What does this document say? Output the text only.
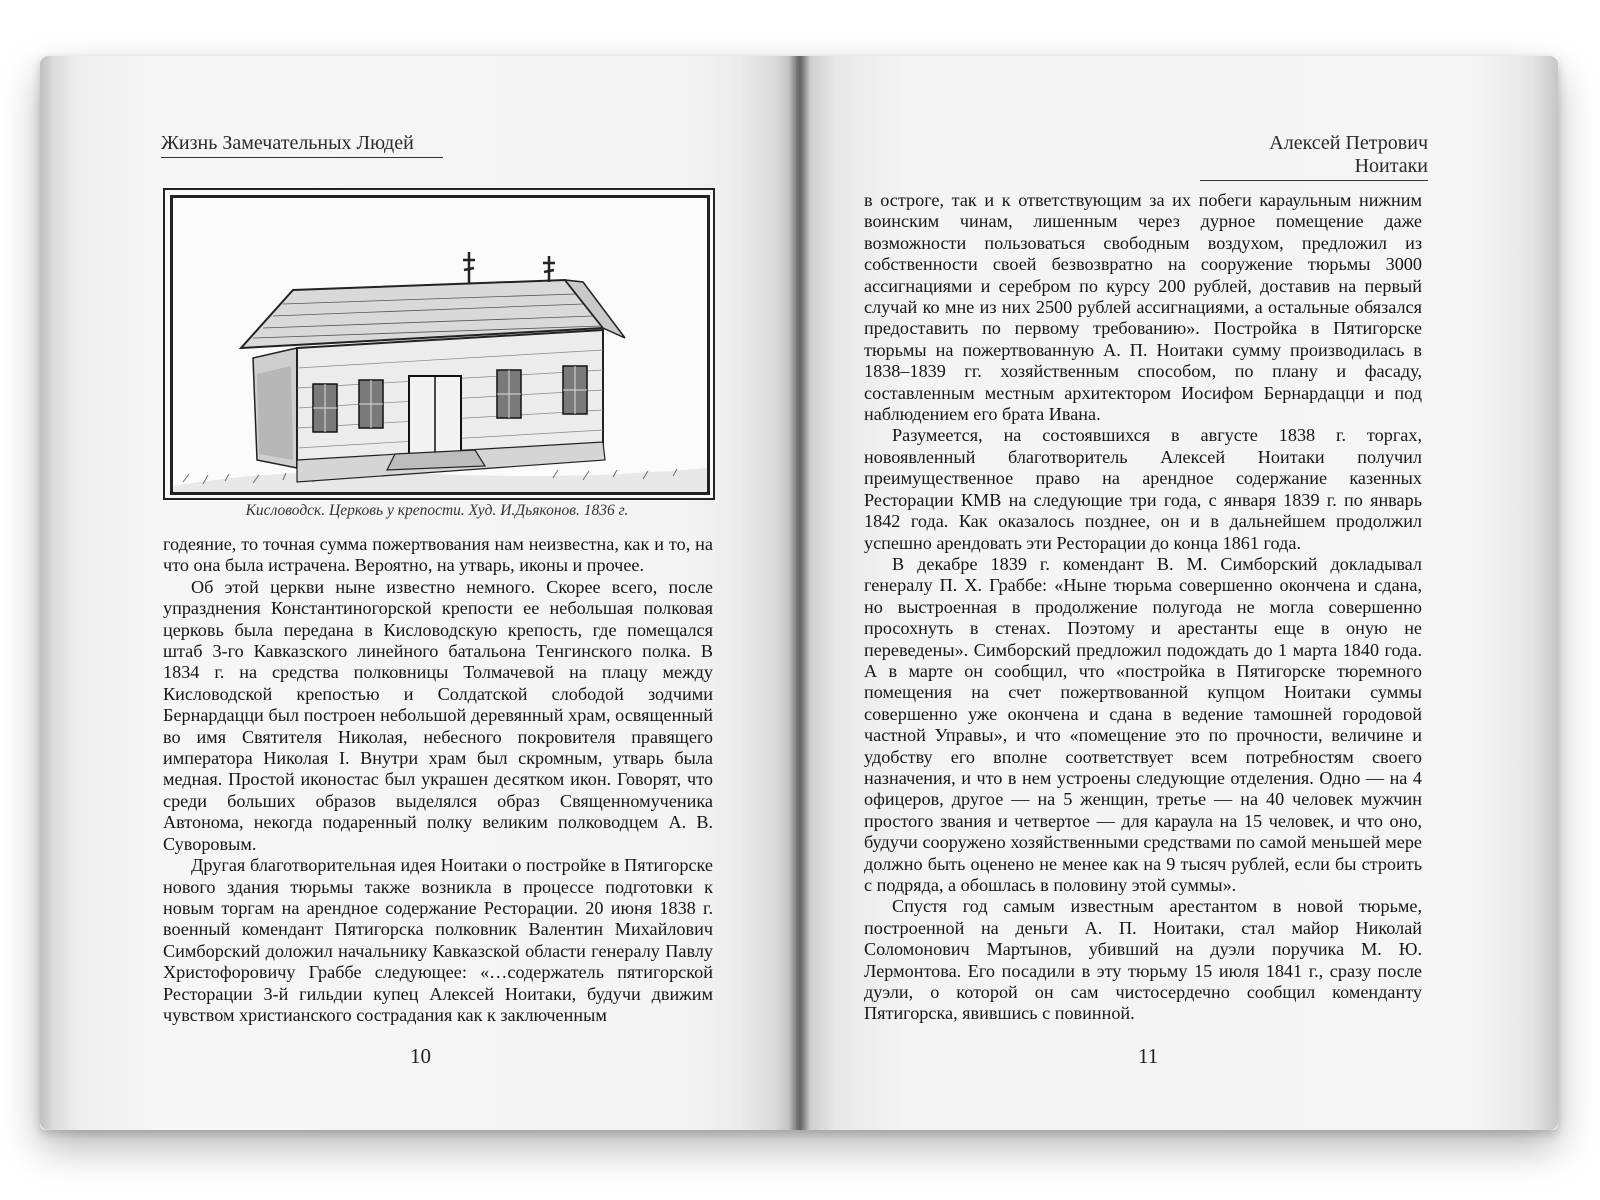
Жизнь Замечательных Людей
Кисловодск. Церковь у крепости. Худ. И.Дьяконов. 1836 г.

годеяние, то точная сумма пожертвования нам неизвестна, как и то, на что она была истрачена. Вероятно, на утварь, иконы и прочее.

Об этой церкви ныне известно немного. Скорее всего, после упразднения Константиногорской крепости ее небольшая полковая церковь была передана в Кисловодскую крепость, где помещался штаб 3-го Кавказского линейного батальона Тенгинского полка. В 1834 г. на средства полковницы Толмачевой на плацу между Кисловодской крепостью и Солдатской слободой зодчими Бернардацци был построен небольшой деревянный храм, освященный во имя Святителя Николая, небесного покровителя правящего императора Николая I. Внутри храм был скромным, утварь была медная. Простой иконостас был украшен десятком икон. Говорят, что среди больших образов выделялся образ Священномученика Автонома, некогда подаренный полку великим полководцем А. В. Суворовым.

Другая благотворительная идея Ноитаки о постройке в Пятигорске нового здания тюрьмы также возникла в процессе подготовки к новым торгам на арендное содержание Ресторации. 20 июня 1838 г. военный комендант Пятигорска полковник Валентин Михайлович Симборский доложил начальнику Кавказской области генералу Павлу Христофоровичу Граббе следующее: «…содержатель пятигорской Ресторации 3-й гильдии купец Алексей Ноитаки, будучи движим чувством христианского сострадания как к заключенным

10
Алексей Петрович Ноитаки

в остроге, так и к ответствующим за их побеги караульным нижним воинским чинам, лишенным через дурное помещение даже возможности пользоваться свободным воздухом, предложил из собственности своей безвозвратно на сооружение тюрьмы 3000 ассигнациями и серебром по курсу 200 рублей, доставив на первый случай ко мне из них 2500 рублей ассигнациями, а остальные обязался предоставить по первому требованию». Постройка в Пятигорске тюрьмы на пожертвованную А. П. Ноитаки сумму производилась в 1838–1839 гг. хозяйственным способом, по плану и фасаду, составленным местным архитектором Иосифом Бернардацци и под наблюдением его брата Ивана.

Разумеется, на состоявшихся в августе 1838 г. торгах, новоявленный благотворитель Алексей Ноитаки получил преимущественное право на арендное содержание казенных Ресторации КМВ на следующие три года, с января 1839 г. по январь 1842 года. Как оказалось позднее, он и в дальнейшем продолжил успешно арендовать эти Ресторации до конца 1861 года.

В декабре 1839 г. комендант В. М. Симборский докладывал генералу П. Х. Граббе: «Ныне тюрьма совершенно окончена и сдана, но выстроенная в продолжение полугода не могла совершенно просохнуть в стенах. Поэтому и арестанты еще в оную не переведены». Симборский предложил подождать до 1 марта 1840 года. А в марте он сообщил, что «постройка в Пятигорске тюремного помещения на счет пожертвованной купцом Ноитаки суммы совершенно уже окончена и сдана в ведение тамошней городовой частной Управы», и что «помещение это по прочности, величине и удобству его вполне соответствует всем потребностям своего назначения, и что в нем устроены следующие отделения. Одно — на 4 офицеров, другое — на 5 женщин, третье — на 40 человек мужчин простого звания и четвертое — для караула на 15 человек, и что оно, будучи сооружено хозяйственными средствами по самой меньшей мере должно быть оценено не менее как на 9 тысяч рублей, если бы строить с подряда, а обошлась в половину этой суммы».

Спустя год самым известным арестантом в новой тюрьме, построенной на деньги А. П. Ноитаки, стал майор Николай Соломонович Мартынов, убивший на дуэли поручика М. Ю. Лермонтова. Его посадили в эту тюрьму 15 июля 1841 г., сразу после дуэли, о которой он сам чистосердечно сообщил коменданту Пятигорска, явившись с повинной.

11
